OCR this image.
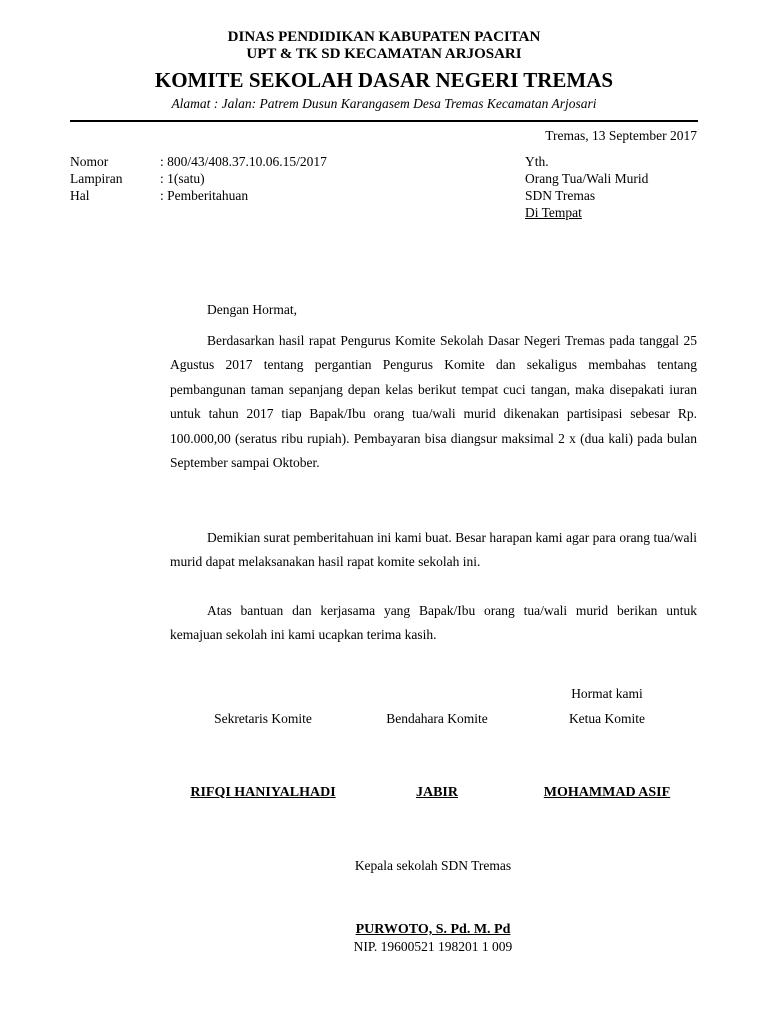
DINAS PENDIDIKAN KABUPATEN PACITAN
UPT & TK SD KECAMATAN ARJOSARI
KOMITE SEKOLAH DASAR NEGERI TREMAS
Alamat : Jalan: Patrem Dusun Karangasem Desa Tremas Kecamatan Arjosari
Tremas, 13 September 2017
Nomor	: 800/43/408.37.10.06.15/2017
Lampiran	: 1(satu)
Hal	: Pemberitahuan
Yth.
Orang Tua/Wali Murid
SDN Tremas
Di Tempat
Dengan Hormat,

Berdasarkan hasil rapat Pengurus Komite Sekolah Dasar Negeri Tremas pada tanggal 25 Agustus 2017 tentang pergantian Pengurus Komite dan sekaligus membahas tentang pembangunan taman sepanjang depan kelas berikut tempat cuci tangan, maka disepakati iuran untuk tahun 2017 tiap Bapak/Ibu orang tua/wali murid dikenakan partisipasi sebesar Rp. 100.000,00 (seratus ribu rupiah). Pembayaran bisa diangsur maksimal 2 x (dua kali) pada bulan September sampai Oktober.

Demikian surat pemberitahuan ini kami buat. Besar harapan kami agar para orang tua/wali murid dapat melaksanakan hasil rapat komite sekolah ini.

Atas bantuan dan kerjasama yang Bapak/Ibu orang tua/wali murid berikan untuk kemajuan sekolah ini kami ucapkan terima kasih.

Hormat kami
Sekretaris Komite	Bendahara Komite	Ketua Komite
RIFQI HANIYALHADI	JABIR	MOHAMMAD ASIF
Kepala sekolah SDN Tremas
PURWOTO, S. Pd. M. Pd
NIP. 19600521 198201 1 009
